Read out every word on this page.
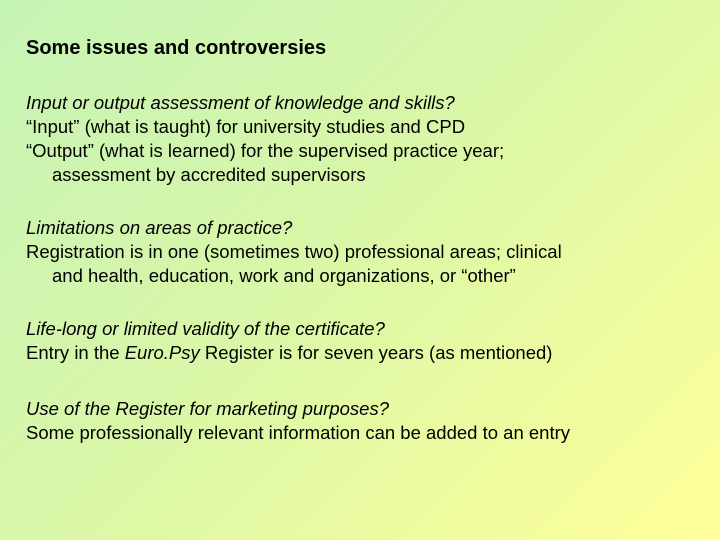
Some issues and controversies
Input or output assessment of knowledge and skills?
“Input” (what is taught) for university studies and CPD
“Output” (what is learned) for the supervised practice year;
assessment by accredited supervisors
Limitations on areas of practice?
Registration is in one (sometimes two) professional areas; clinical
and health, education, work and organizations, or “other”
Life-long or limited validity of the certificate?
Entry in the Euro.Psy Register is for seven years (as mentioned)
Use of the Register for marketing purposes?
Some professionally relevant information can be added to an entry
